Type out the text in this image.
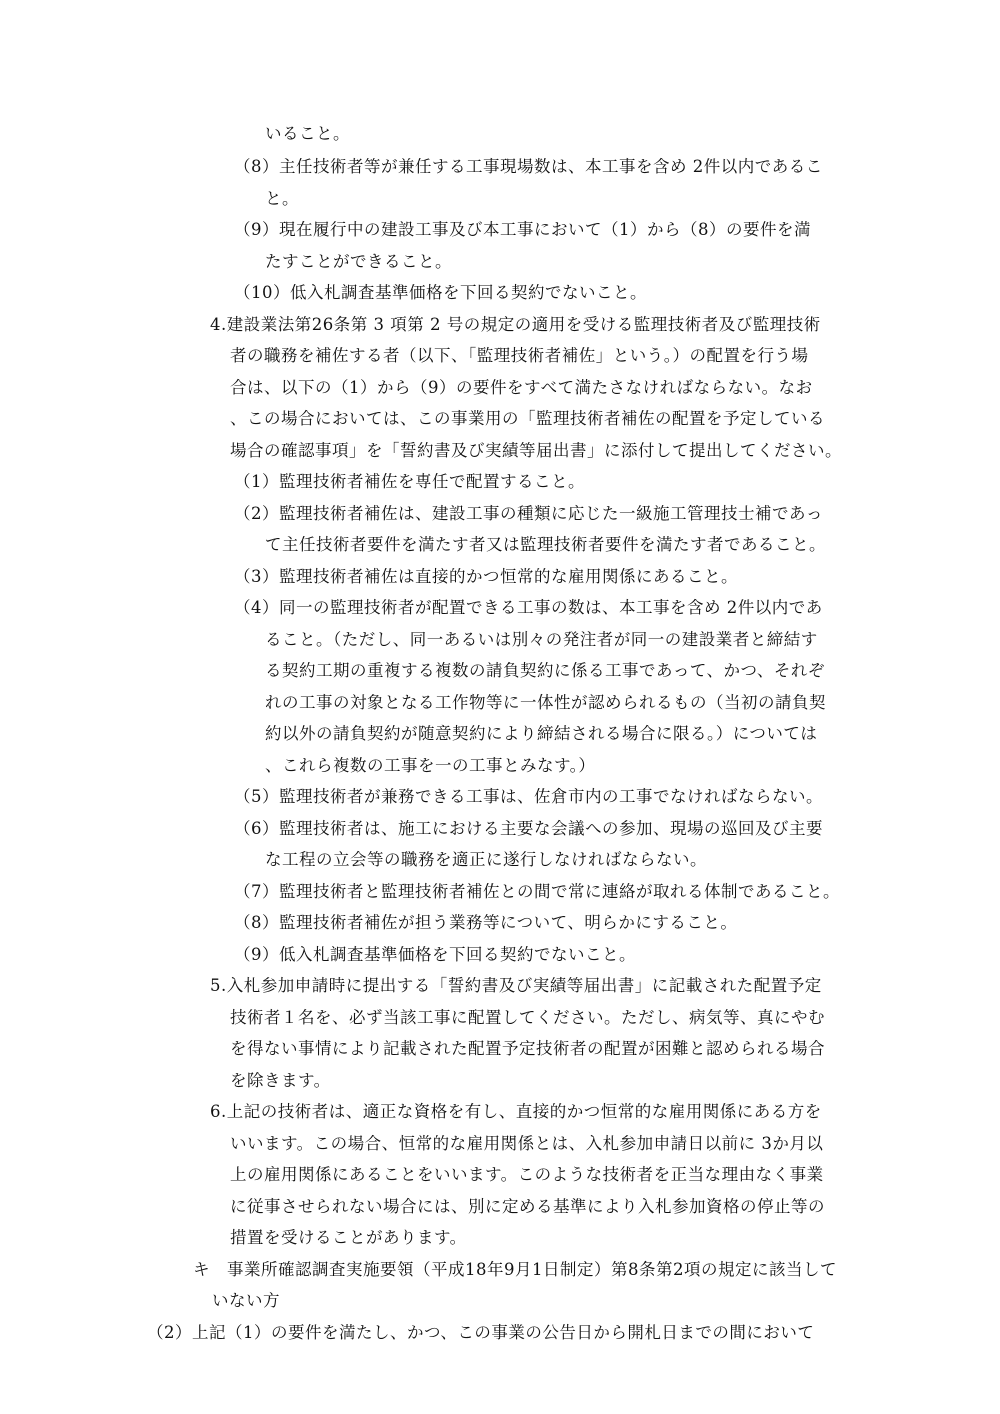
いること。

（8）主任技術者等が兼任する工事現場数は、本工事を含め 2件以内であるこ

と。

（9）現在履行中の建設工事及び本工事において（1）から（8）の要件を満

たすことができること。

（10）低入札調査基準価格を下回る契約でないこと。

4.建設業法第26条第 3 項第 2 号の規定の適用を受ける監理技術者及び監理技術

者の職務を補佐する者（以下、「監理技術者補佐」という。）の配置を行う場

合は、以下の（1）から（9）の要件をすべて満たさなければならない。なお

、この場合においては、この事業用の「監理技術者補佐の配置を予定している

場合の確認事項」を「誓約書及び実績等届出書」に添付して提出してください。

（1）監理技術者補佐を専任で配置すること。

（2）監理技術者補佐は、建設工事の種類に応じた一級施工管理技士補であっ

て主任技術者要件を満たす者又は監理技術者要件を満たす者であること。

（3）監理技術者補佐は直接的かつ恒常的な雇用関係にあること。

（4）同一の監理技術者が配置できる工事の数は、本工事を含め 2件以内であ

ること。（ただし、同一あるいは別々の発注者が同一の建設業者と締結す

る契約工期の重複する複数の請負契約に係る工事であって、かつ、それぞ

れの工事の対象となる工作物等に一体性が認められるもの（当初の請負契

約以外の請負契約が随意契約により締結される場合に限る。）については

、これら複数の工事を一の工事とみなす。）

（5）監理技術者が兼務できる工事は、佐倉市内の工事でなければならない。

（6）監理技術者は、施工における主要な会議への参加、現場の巡回及び主要

な工程の立会等の職務を適正に遂行しなければならない。

（7）監理技術者と監理技術者補佐との間で常に連絡が取れる体制であること。

（8）監理技術者補佐が担う業務等について、明らかにすること。

（9）低入札調査基準価格を下回る契約でないこと。

5.入札参加申請時に提出する「誓約書及び実績等届出書」に記載された配置予定

技術者１名を、必ず当該工事に配置してください。ただし、病気等、真にやむ

を得ない事情により記載された配置予定技術者の配置が困難と認められる場合

を除きます。

6.上記の技術者は、適正な資格を有し、直接的かつ恒常的な雇用関係にある方を

いいます。この場合、恒常的な雇用関係とは、入札参加申請日以前に 3か月以

上の雇用関係にあることをいいます。このような技術者を正当な理由なく事業

に従事させられない場合には、別に定める基準により入札参加資格の停止等の

措置を受けることがあります。

キ　事業所確認調査実施要領（平成18年9月1日制定）第8条第2項の規定に該当して

いない方

（2）上記（1）の要件を満たし、かつ、この事業の公告日から開札日までの間において
